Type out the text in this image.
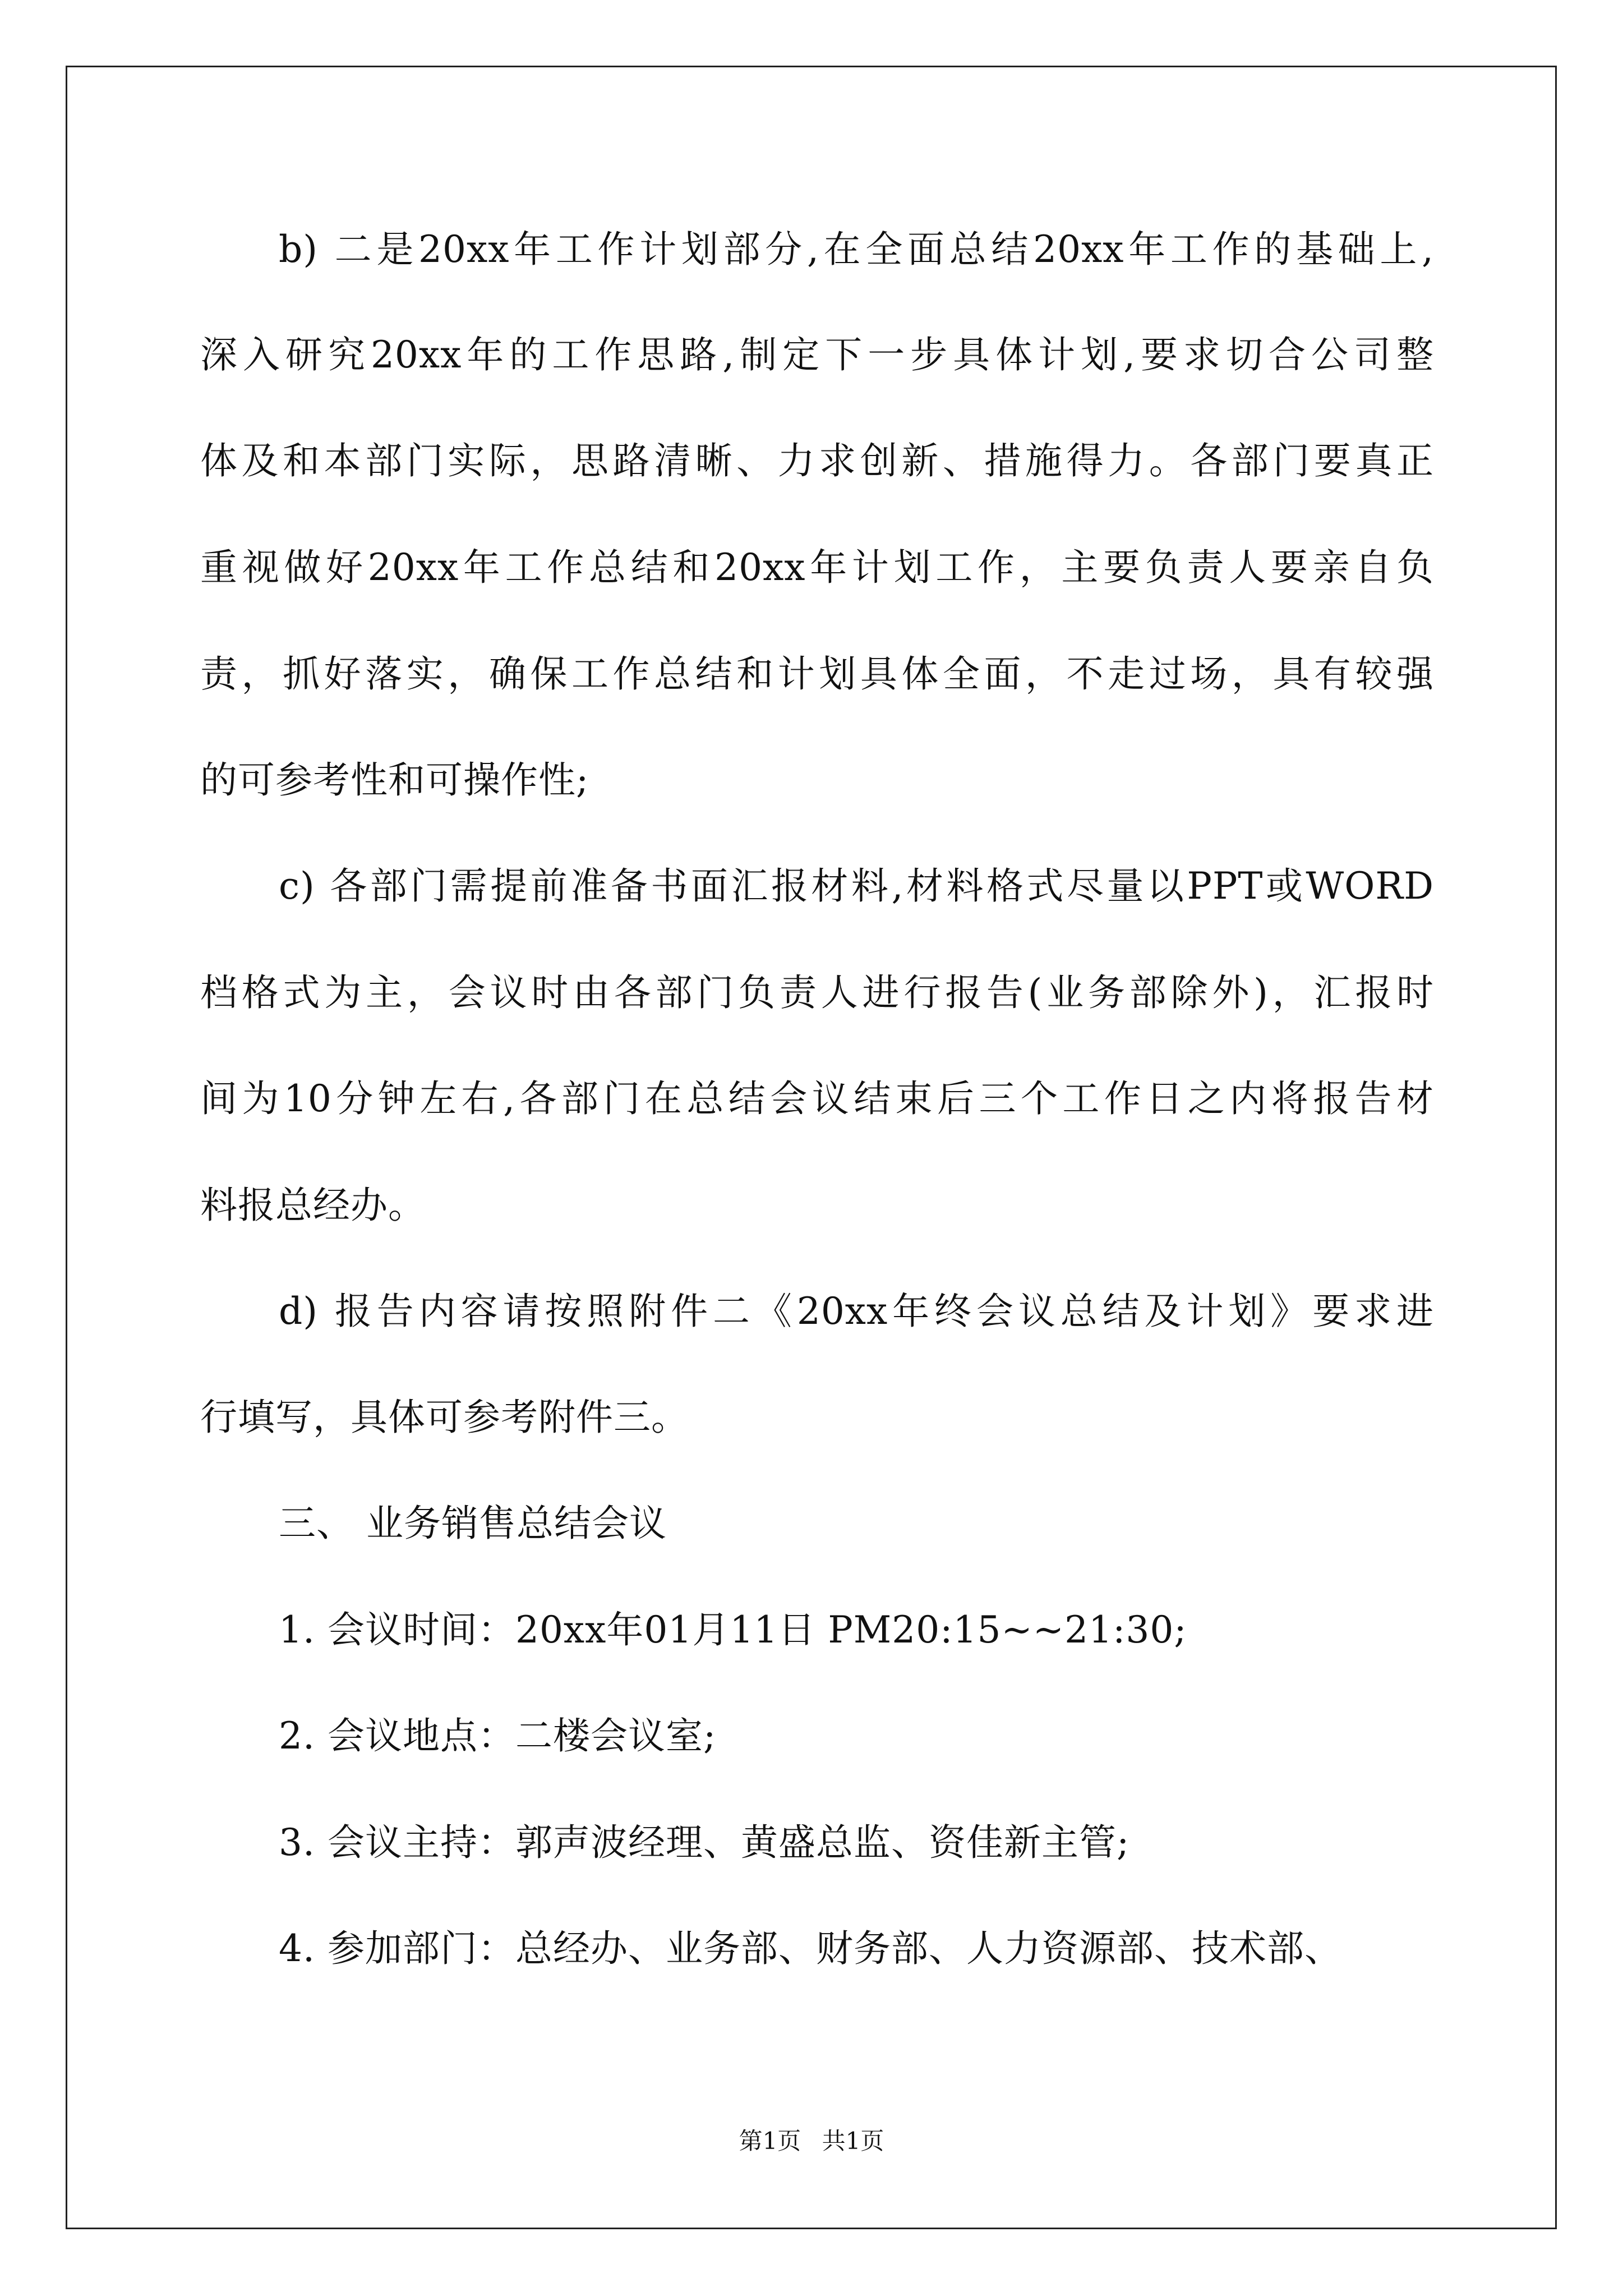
b) 二是20xx年工作计划部分,在全面总结20xx年工作的基础上,
深入研究20xx年的工作思路,制定下一步具体计划,要求切合公司整
体及和本部门实际，思路清晰、力求创新、措施得力。各部门要真正
重视做好20xx年工作总结和20xx年计划工作，主要负责人要亲自负
责，抓好落实，确保工作总结和计划具体全面，不走过场，具有较强
的可参考性和可操作性;
c) 各部门需提前准备书面汇报材料,材料格式尽量以PPT或WORD
档格式为主，会议时由各部门负责人进行报告(业务部除外)，汇报时
间为10分钟左右,各部门在总结会议结束后三个工作日之内将报告材
料报总经办。
d) 报告内容请按照附件二《20xx年终会议总结及计划》要求进
行填写，具体可参考附件三。
三、 业务销售总结会议
1. 会议时间：20xx年01月11日 PM20:15~~21:30;
2. 会议地点：二楼会议室;
3. 会议主持：郭声波经理、黄盛总监、资佳新主管;
4. 参加部门：总经办、业务部、财务部、人力资源部、技术部、
第1页 共1页
